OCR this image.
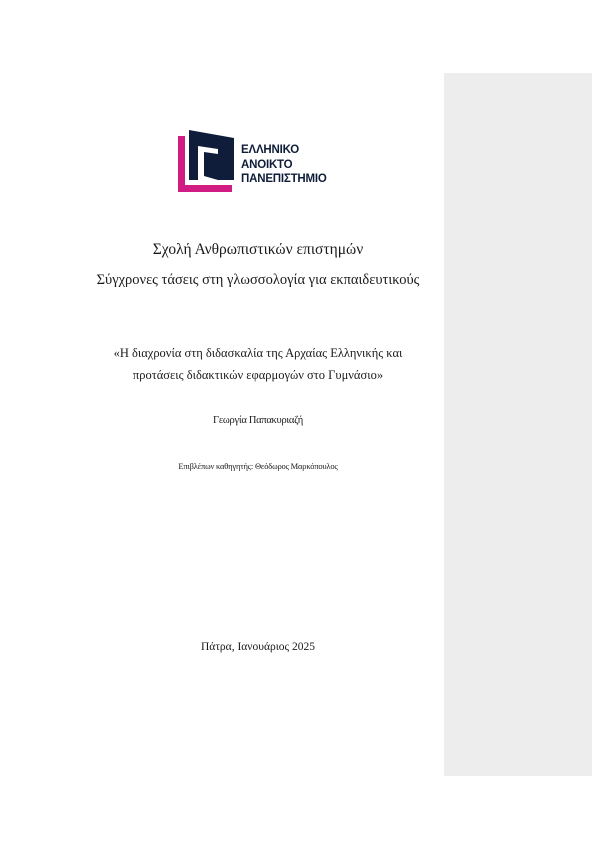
ΕΛΛΗΝΙΚΟ
ΑΝΟΙΚΤΟ
ΠΑΝΕΠΙΣΤΗΜΙΟ
Σχολή Ανθρωπιστικών επιστημών
Σύγχρονες τάσεις στη γλωσσολογία για εκπαιδευτικούς
«Η διαχρονία στη διδασκαλία της Αρχαίας Ελληνικής και
προτάσεις διδακτικών εφαρμογών στο Γυμνάσιο»
Γεωργία Παπακυριαζή
Επιβλέπων καθηγητής: Θεόδωρος Μαρκόπουλος
Πάτρα, Ιανουάριος 2025
